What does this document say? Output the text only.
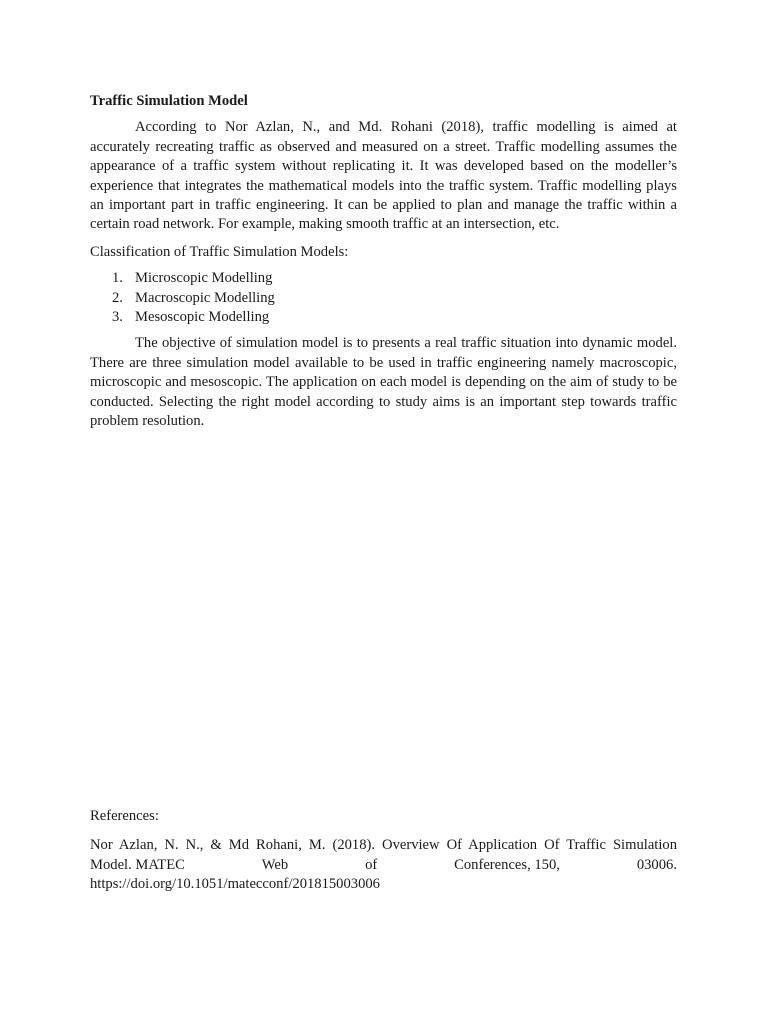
Traffic Simulation Model

According to Nor Azlan, N., and Md. Rohani (2018), traffic modelling is aimed at accurately recreating traffic as observed and measured on a street. Traffic modelling assumes the appearance of a traffic system without replicating it. It was developed based on the modeller’s experience that integrates the mathematical models into the traffic system. Traffic modelling plays an important part in traffic engineering. It can be applied to plan and manage the traffic within a certain road network. For example, making smooth traffic at an intersection, etc.

Classification of Traffic Simulation Models:

1. Microscopic Modelling
2. Macroscopic Modelling
3. Mesoscopic Modelling

The objective of simulation model is to presents a real traffic situation into dynamic model. There are three simulation model available to be used in traffic engineering namely macroscopic, microscopic and mesoscopic. The application on each model is depending on the aim of study to be conducted. Selecting the right model according to study aims is an important step towards traffic problem resolution.

References:

Nor Azlan, N. N., & Md Rohani, M. (2018). Overview Of Application Of Traffic Simulation
Model. MATEC	Web	of	Conferences, 150,	03006.
https://doi.org/10.1051/matecconf/201815003006
